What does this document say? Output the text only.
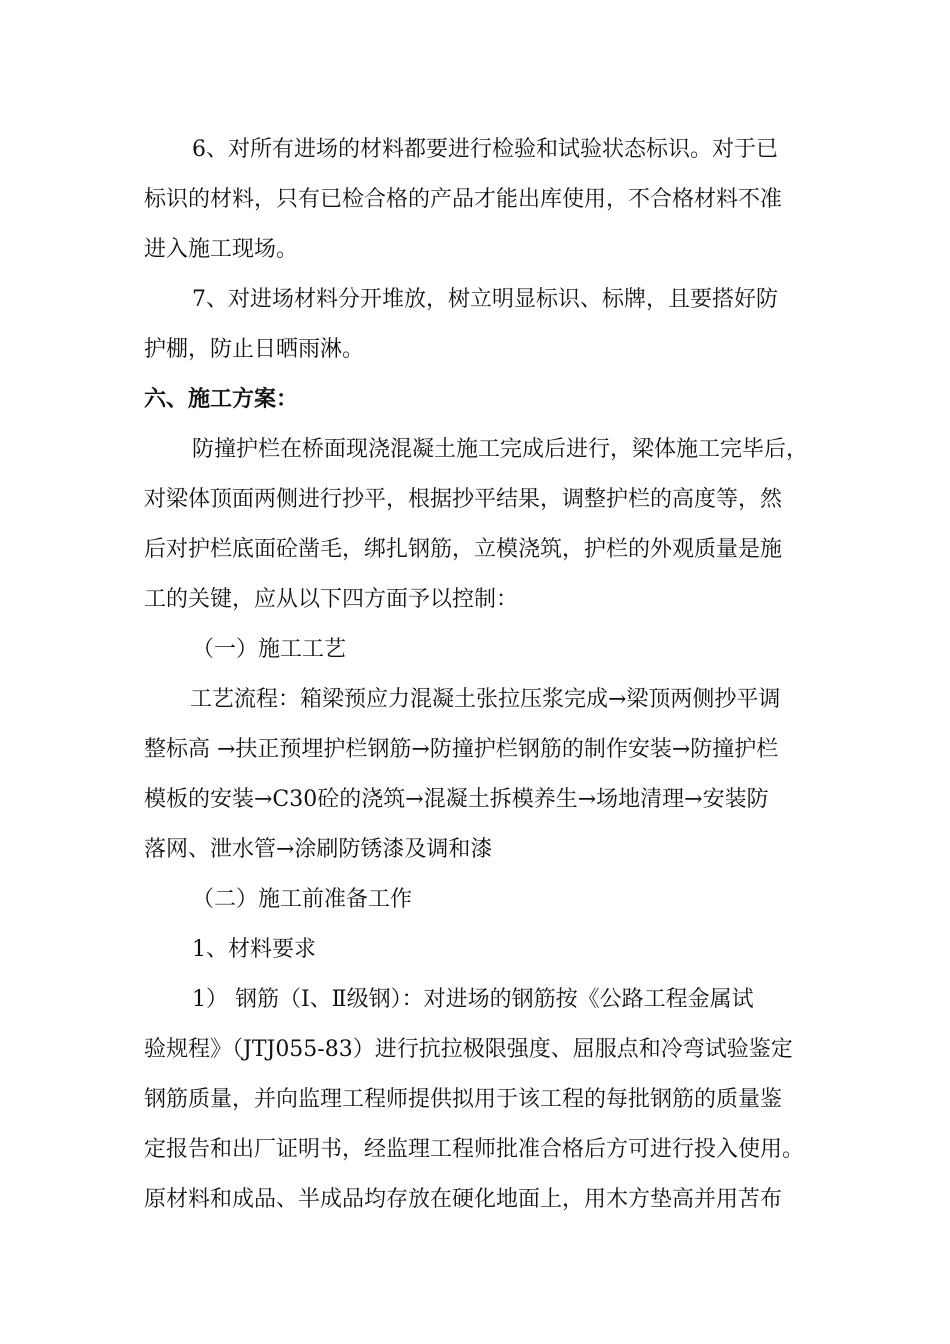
6、对所有进场的材料都要进行检验和试验状态标识。对于已
标识的材料，只有已检合格的产品才能出库使用，不合格材料不准
进入施工现场。
7、对进场材料分开堆放，树立明显标识、标牌，且要搭好防
护棚，防止日晒雨淋。
六、施工方案：
防撞护栏在桥面现浇混凝土施工完成后进行，梁体施工完毕后，
对梁体顶面两侧进行抄平，根据抄平结果，调整护栏的高度等，然
后对护栏底面砼凿毛，绑扎钢筋，立模浇筑，护栏的外观质量是施
工的关键，应从以下四方面予以控制：
（一）施工工艺
工艺流程：箱梁预应力混凝土张拉压浆完成→梁顶两侧抄平调
整标高 →扶正预埋护栏钢筋→防撞护栏钢筋的制作安装→防撞护栏
模板的安装→C30砼的浇筑→混凝土拆模养生→场地清理→安装防
落网、泄水管→涂刷防锈漆及调和漆
（二）施工前准备工作
1、材料要求
1） 钢筋（Ⅰ、Ⅱ级钢）：对进场的钢筋按《公路工程金属试
验规程》（JTJ055-83）进行抗拉极限强度、屈服点和冷弯试验鉴定
钢筋质量，并向监理工程师提供拟用于该工程的每批钢筋的质量鉴
定报告和出厂证明书，经监理工程师批准合格后方可进行投入使用。
原材料和成品、半成品均存放在硬化地面上，用木方垫高并用苫布
